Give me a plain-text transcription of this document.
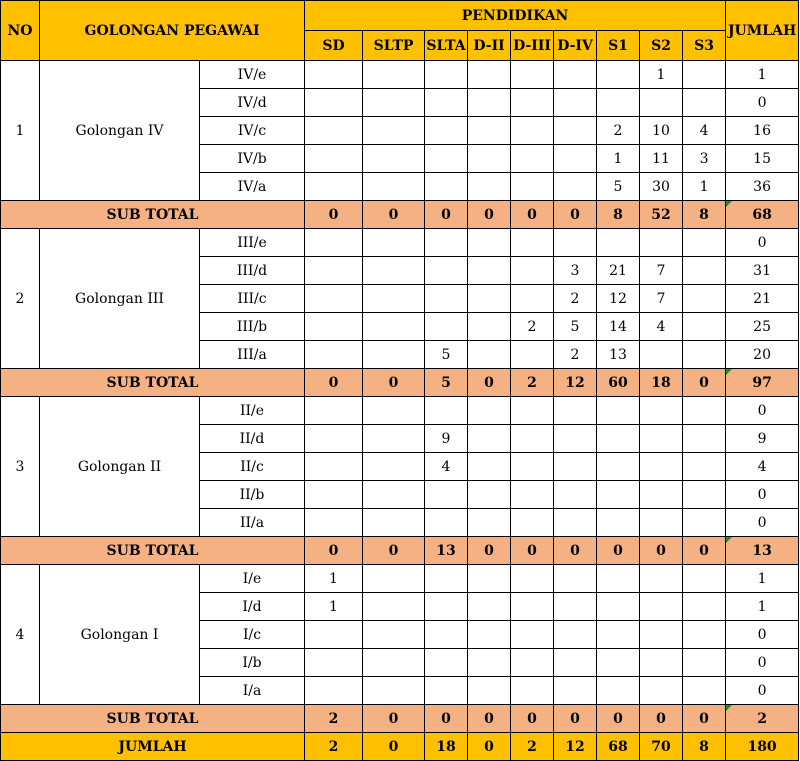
NO	GOLONGAN PEGAWAI		PENDIDIKAN									JUMLAH
			SD	SLTP	SLTA	D-II	D-III	D-IV	S1	S2	S3	
1	Golongan IV	IV/e								1		1
		IV/d										0
		IV/c							2	10	4	16
		IV/b							1	11	3	15
		IV/a							5	30	1	36
SUB TOTAL			0	0	0	0	0	0	8	52	8	68
2	Golongan III	III/e										0
		III/d						3	21	7		31
		III/c						2	12	7		21
		III/b					2	5	14	4		25
		III/a			5			2	13			20
SUB TOTAL			0	0	5	0	2	12	60	18	0	97
3	Golongan II	II/e										0
		II/d			9							9
		II/c			4							4
		II/b										0
		II/a										0
SUB TOTAL			0	0	13	0	0	0	0	0	0	13
4	Golongan I	I/e	1									1
		I/d	1									1
		I/c										0
		I/b										0
		I/a										0
SUB TOTAL			2	0	0	0	0	0	0	0	0	2
JUMLAH			2	0	18	0	2	12	68	70	8	180
